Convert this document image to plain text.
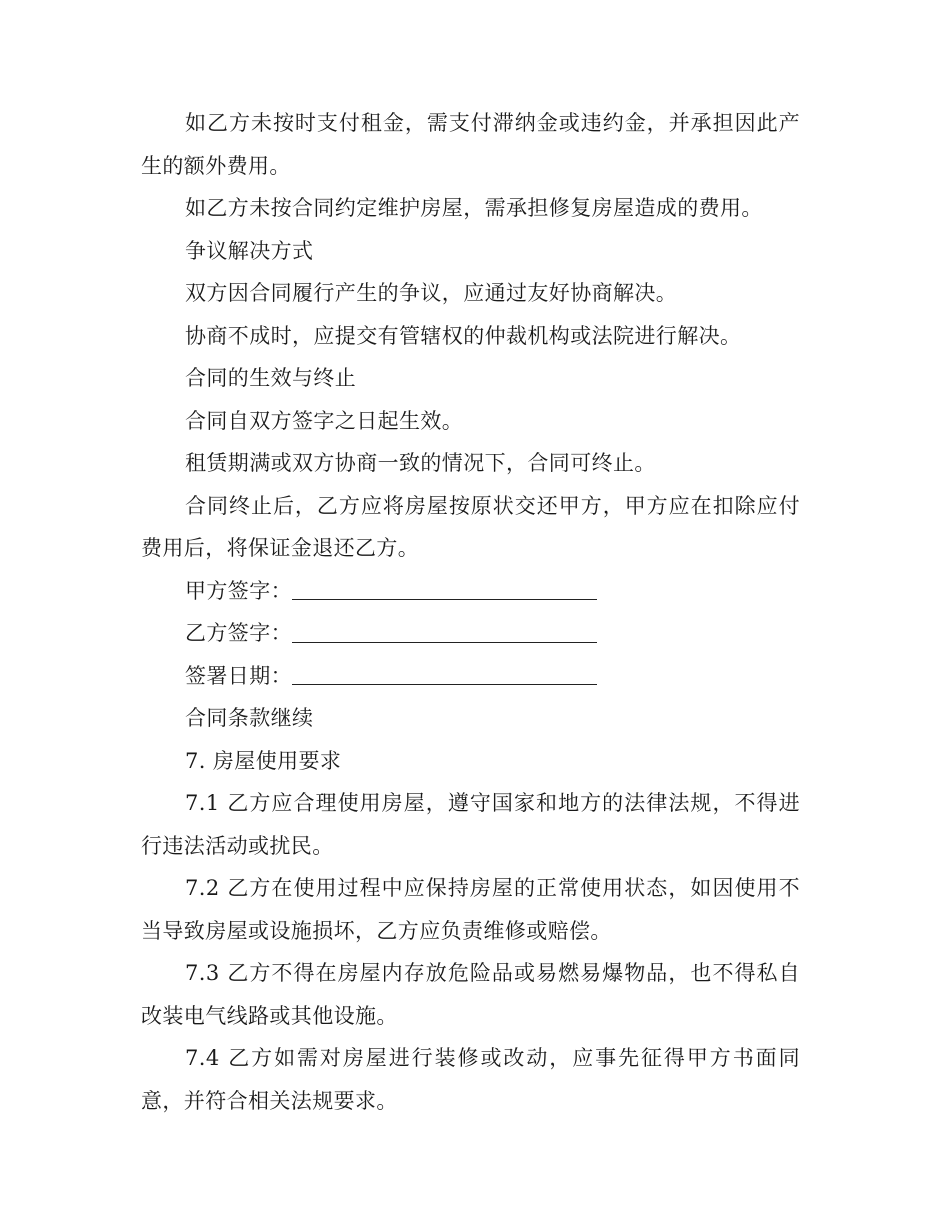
如乙方未按时支付租金，需支付滞纳金或违约金，并承担因此产生的额外费用。

如乙方未按合同约定维护房屋，需承担修复房屋造成的费用。

争议解决方式

双方因合同履行产生的争议，应通过友好协商解决。

协商不成时，应提交有管辖权的仲裁机构或法院进行解决。

合同的生效与终止

合同自双方签字之日起生效。

租赁期满或双方协商一致的情况下，合同可终止。

合同终止后，乙方应将房屋按原状交还甲方，甲方应在扣除应付费用后，将保证金退还乙方。

甲方签字：
乙方签字：
签署日期：

合同条款继续

7. 房屋使用要求

7.1 乙方应合理使用房屋，遵守国家和地方的法律法规，不得进行违法活动或扰民。

7.2 乙方在使用过程中应保持房屋的正常使用状态，如因使用不当导致房屋或设施损坏，乙方应负责维修或赔偿。

7.3 乙方不得在房屋内存放危险品或易燃易爆物品，也不得私自改装电气线路或其他设施。

7.4 乙方如需对房屋进行装修或改动，应事先征得甲方书面同意，并符合相关法规要求。
